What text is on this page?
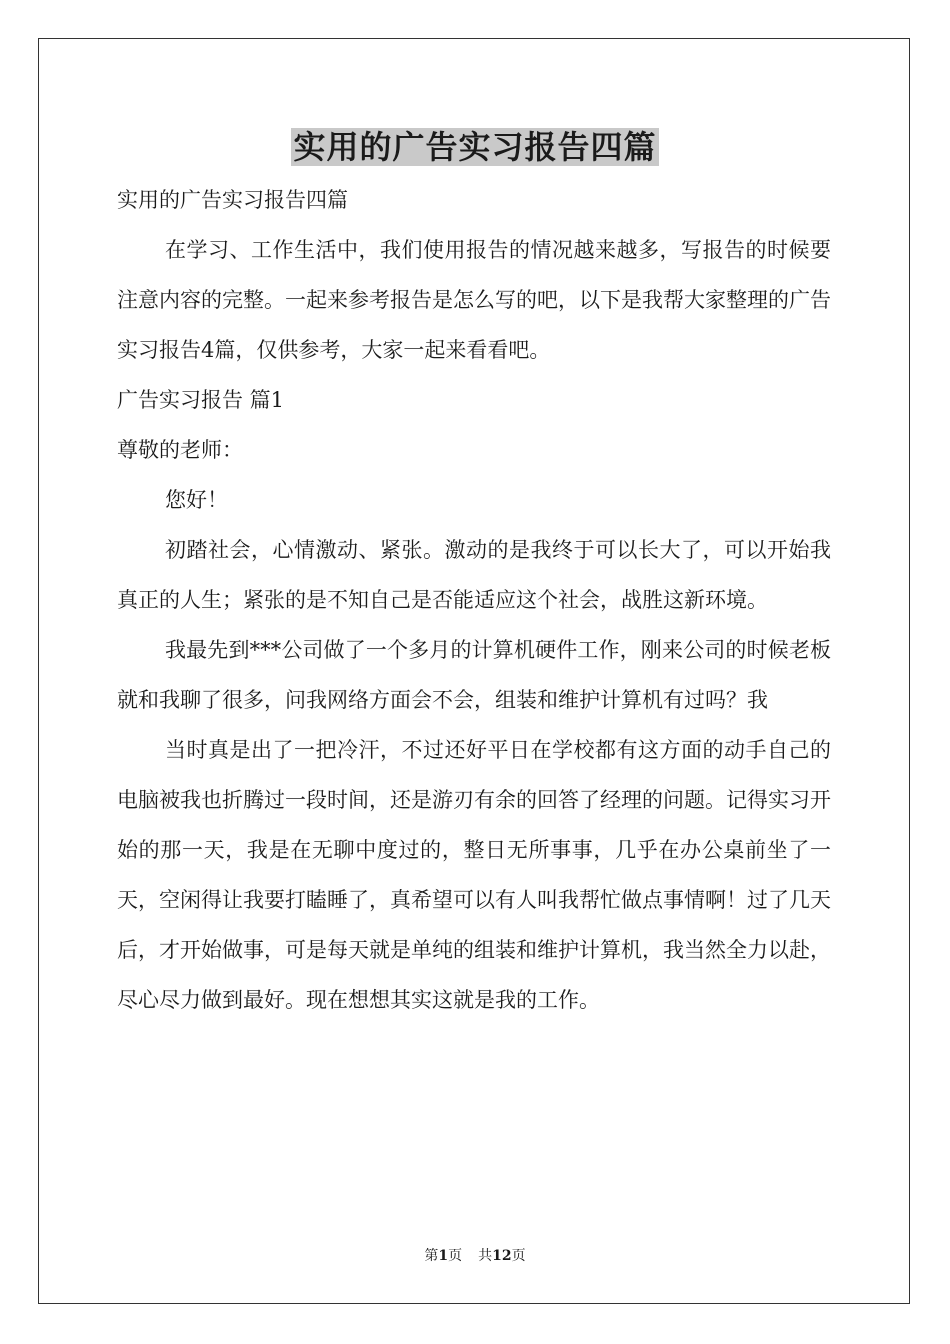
实用的广告实习报告四篇

实用的广告实习报告四篇

在学习、工作生活中，我们使用报告的情况越来越多，写报告的时候要注意内容的完整。一起来参考报告是怎么写的吧，以下是我帮大家整理的广告实习报告4篇，仅供参考，大家一起来看看吧。

广告实习报告 篇1

尊敬的老师：

您好！

初踏社会，心情激动、紧张。激动的是我终于可以长大了，可以开始我真正的人生；紧张的是不知自己是否能适应这个社会，战胜这新环境。

我最先到***公司做了一个多月的计算机硬件工作，刚来公司的时候老板就和我聊了很多，问我网络方面会不会，组装和维护计算机有过吗？我

当时真是出了一把冷汗，不过还好平日在学校都有这方面的动手自己的电脑被我也折腾过一段时间，还是游刃有余的回答了经理的问题。记得实习开始的那一天，我是在无聊中度过的，整日无所事事，几乎在办公桌前坐了一天，空闲得让我要打瞌睡了，真希望可以有人叫我帮忙做点事情啊！过了几天后，才开始做事，可是每天就是单纯的组装和维护计算机，我当然全力以赴，尽心尽力做到最好。现在想想其实这就是我的工作。

第1页 共12页
